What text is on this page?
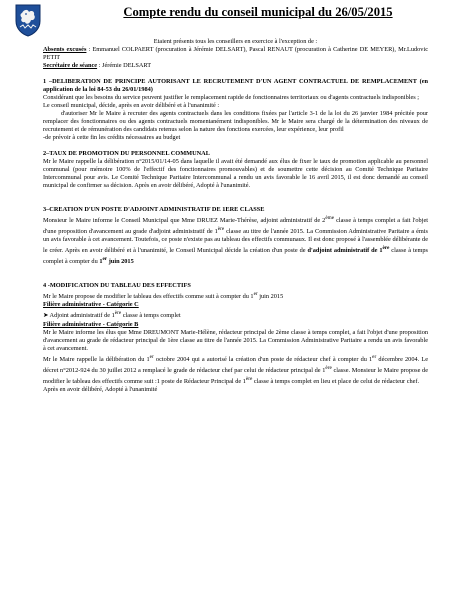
Compte rendu du conseil municipal du 26/05/2015

Etaient présents tous les conseillers en exercice à l'exception de :

Absents excusés : Emmanuel COLPAERT (procuration à Jérémie DELSART), Pascal RENAUT (procuration à Catherine DE MEYER), Mr.Ludovic PETIT

Secrétaire de séance : Jérémie DELSART

1 –DELIBERATION DE PRINCIPE AUTORISANT LE RECRUTEMENT D'UN AGENT CONTRACTUEL DE REMPLACEMENT (en application de la loi 84-53 du 26/01/1984)

Considérant que les besoins du service peuvent justifier le remplacement rapide de fonctionnaires territoriaux ou d'agents contractuels indisponibles ;

Le conseil municipal, décide, après en avoir délibéré et à l'unanimité :

d'autoriser Mr le Maire à recruter des agents contractuels dans les conditions fixées par l'article 3-1 de la loi du 26 janvier 1984 précitée pour remplacer des fonctionnaires ou des agents contractuels momentanément indisponibles. Mr le Maire sera chargé de la détermination des niveaux de recrutement et de rémunération des candidats retenus selon la nature des fonctions exercées, leur expérience, leur profil

-de prévoir à cette fin les crédits nécessaires au budget

2–TAUX DE PROMOTION DU PERSONNEL COMMUNAL

Mr le Maire rappelle la délibération n°2015/01/14-05 dans laquelle il avait été demandé aux élus de fixer le taux de promotion applicable au personnel communal (pour mémoire 100% de l'effectif des fonctionnaires promouvables) et de soumettre cette décision au Comité Technique Paritaire Intercommunal pour avis. Le Comité Technique Paritaire Intercommunal a rendu un avis favorable le 16 avril 2015, il est donc demandé au conseil municipal de confirmer sa décision. Après en avoir délibéré, Adopté à l'unanimité.

3–CREATION D'UN POSTE D'ADJOINT ADMINISTRATIF DE 1ERE CLASSE

Monsieur le Maire informe le Conseil Municipal que Mme DRUEZ Marie-Thérèse, adjoint administratif de 2ème classe à temps complet a fait l'objet d'une proposition d'avancement au grade d'adjoint administratif de 1ère classe au titre de l'année 2015. La Commission Administrative Paritaire a émis un avis favorable à cet avancement. Toutefois, ce poste n'existe pas au tableau des effectifs communaux. Il est donc proposé à l'assemblée délibérante de le créer. Après en avoir délibéré et à l'unanimité, le Conseil Municipal décide la création d'un poste de d'adjoint administratif de 1ère classe à temps complet à compter du 1er juin 2015

4 -MODIFICATION DU TABLEAU DES EFFECTIFS

Mr le Maire propose de modifier le tableau des effectifs comme suit à compter du 1er juin 2015

Filière administrative - Catégorie C

➤ Adjoint administratif de 1ère classe à temps complet

Filière administrative - Catégorie B

Mr le Maire informe les élus que Mme DREUMONT Marie-Hélène, rédacteur principal de 2ème classe à temps complet, a fait l'objet d'une proposition d'avancement au grade de rédacteur principal de 1ère classe au titre de l'année 2015. La Commission Administrative Paritaire a rendu un avis favorable à cet avancement.

Mr le Maire rappelle la délibération du 1er octobre 2004 qui a autorisé la création d'un poste de rédacteur chef à compter du 1er décembre 2004. Le décret n°2012-924 du 30 juillet 2012 a remplacé le grade de rédacteur chef par celui de rédacteur principal de 1ère classe. Monsieur le Maire propose de modifier le tableau des effectifs comme suit :1 poste de Rédacteur Principal de 1ère classe à temps complet en lieu et place de celui de rédacteur chef.

Après en avoir délibéré, Adopté à l'unanimité
